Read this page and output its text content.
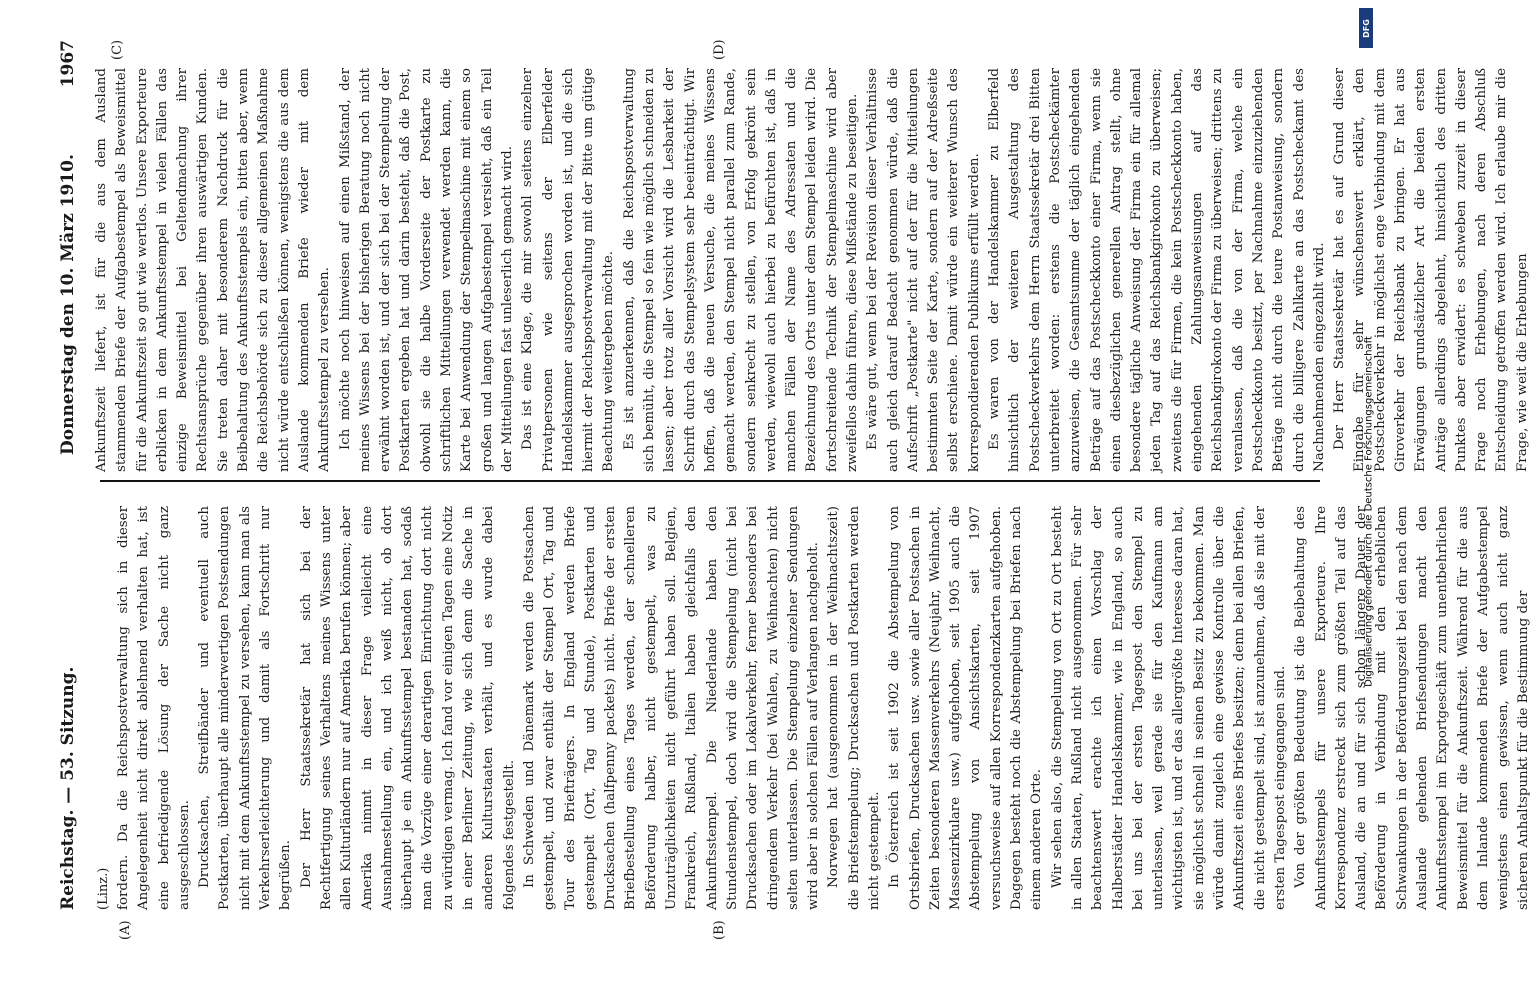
Reichstag. — 53. Sitzung.
Donnerstag den 10. März 1910.
1967
(Linz.)
(A)	(B)
(C)	(D)

fordern. Da die Reichspostverwaltung sich in dieser Angelegenheit nicht direkt ablehnend verhalten hat, ist eine befriedigende Lösung der Sache nicht ganz ausgeschlossen. Drucksachen, Streifbänder und eventuell auch Postkarten, überhaupt alle minderwertigen Postsendungen nicht mit dem Ankunftsstempel zu versehen, kann man als Verkehrserleichterung und damit als Fortschritt nur begrüßen. Der Herr Staatssekretär hat sich bei der Rechtfertigung seines Verhaltens meines Wissens unter allen Kulturländern nur auf Amerika berufen können; aber Amerika nimmt in dieser Frage vielleicht eine Ausnahmestellung ein, und ich weiß nicht, ob dort überhaupt je ein Ankunftsstempel bestanden hat, sodaß man die Vorzüge einer derartigen Einrichtung dort nicht zu würdigen vermag. Ich fand vor einigen Tagen eine Notiz in einer Berliner Zeitung, wie sich denn die Sache in anderen Kulturstaaten verhält, und es wurde dabei folgendes festgestellt. In Schweden und Dänemark werden die Postsachen gestempelt, und zwar enthält der Stempel Ort, Tag und Tour des Briefträgers. In England werden Briefe gestempelt (Ort, Tag und Stunde), Postkarten und Drucksachen (halfpenny packets) nicht. Briefe der ersten Briefbestellung eines Tages werden, der schnelleren Beförderung halber, nicht gestempelt, was zu Unzuträglichkeiten nicht geführt haben soll. Belgien, Frankreich, Rußland, Italien haben gleichfalls den Ankunftsstempel. Die Niederlande haben den Stundenstempel, doch wird die Stempelung (nicht bei Drucksachen oder im Lokalverkehr, ferner besonders bei dringendem Verkehr (bei Wahlen, zu Weihnachten) nicht selten unterlassen. Die Stempelung einzelner Sendungen wird aber in solchen Fällen auf Verlangen nachgeholt. Norwegen hat (ausgenommen in der Weihnachtszeit) die Briefstempelung; Drucksachen und Postkarten werden nicht gestempelt. In Österreich ist seit 1902 die Abstempelung von Ortsbriefen, Drucksachen usw. sowie aller Postsachen in Zeiten besonderen Massenverkehrs (Neujahr, Weihnacht, Massenzirkulare usw.) aufgehoben, seit 1905 auch die Abstempelung von Ansichtskarten, seit 1907 versuchsweise auf allen Korrespondenzkarten aufgehoben. Dagegen besteht noch die Abstempelung bei Briefen nach einem anderen Orte. Wir sehen also, die Stempelung von Ort zu Ort besteht in allen Staaten, Rußland nicht ausgenommen. Für sehr beachtenswert erachte ich einen Vorschlag der Halberstädter Handelskammer, wie in England, so auch bei uns bei der ersten Tagespost den Stempel zu unterlassen, weil gerade sie für den Kaufmann am wichtigsten ist, und er das allergrößte Interesse daran hat, sie möglichst schnell in seinen Besitz zu bekommen. Man würde damit zugleich eine gewisse Kontrolle über die Ankunftszeit eines Briefes besitzen; denn bei allen Briefen, die nicht gestempelt sind, ist anzunehmen, daß sie mit der ersten Tagespost eingegangen sind. Von der größten Bedeutung ist die Beibehaltung des Ankunftsstempels für unsere Exporteure. Ihre Korrespondenz erstreckt sich zum größten Teil auf das Ausland, die an und für sich schon längere Dauer der Beförderung in Verbindung mit den erheblichen Schwankungen in der Beförderungszeit bei den nach dem Auslande gehenden Briefsendungen macht den Ankunftsstempel im Exportgeschäft zum unentbehrlichen Beweismittel für die Ankunftszeit. Während für die aus dem Inlande kommenden Briefe der Aufgabestempel wenigstens einen gewissen, wenn auch nicht ganz sicheren Anhaltspunkt für die Bestimmung der

Ankunftszeit liefert, ist für die aus dem Ausland stammenden Briefe der Aufgabestempel als Beweismittel für die Ankunftszeit so gut wie wertlos. Unsere Exporteure erblicken in dem Ankunftsstempel in vielen Fällen das einzige Beweismittel bei Geltendmachung ihrer Rechtsansprüche gegenüber ihren auswärtigen Kunden. Sie treten daher mit besonderem Nachdruck für die Beibehaltung des Ankunftsstempels ein, bitten aber, wenn die Reichsbehörde sich zu dieser allgemeinen Maßnahme nicht würde entschließen können, wenigstens die aus dem Auslande kommenden Briefe wieder mit dem Ankunftsstempel zu versehen. Ich möchte noch hinweisen auf einen Mißstand, der meines Wissens bei der bisherigen Beratung noch nicht erwähnt worden ist, und der sich bei der Stempelung der Postkarten ergeben hat und darin besteht, daß die Post, obwohl sie die halbe Vorderseite der Postkarte zu schriftlichen Mitteilungen verwendet werden kann, die Karte bei Anwendung der Stempelmaschine mit einem so großen und langen Aufgabestempel versieht, daß ein Teil der Mitteilungen fast unleserlich gemacht wird. Das ist eine Klage, die mir sowohl seitens einzelner Privatpersonen wie seitens der Elberfelder Handelskammer ausgesprochen worden ist, und die sich hiermit der Reichspostverwaltung mit der Bitte um gütige Beachtung weitergeben möchte. Es ist anzuerkennen, daß die Reichspostverwaltung sich bemüht, die Stempel so fein wie möglich schneiden zu lassen; aber trotz aller Vorsicht wird die Lesbarkeit der Schrift durch das Stempelsystem sehr beeinträchtigt. Wir hoffen, daß die neuen Versuche, die meines Wissens gemacht werden, den Stempel nicht parallel zum Rande, sondern senkrecht zu stellen, von Erfolg gekrönt sein werden, wiewohl auch hierbei zu befürchten ist, daß in manchen Fällen der Name des Adressaten und die Bezeichnung des Orts unter dem Stempel leiden wird. Die fortschreitende Technik der Stempelmaschine wird aber zweifellos dahin führen, diese Mißstände zu beseitigen. Es wäre gut, wenn bei der Revision dieser Verhältnisse auch gleich darauf Bedacht genommen würde, daß die Aufschrift „Postkarte" nicht auf der für die Mitteilungen bestimmten Seite der Karte, sondern auf der Adreßseite selbst erschiene. Damit würde ein weiterer Wunsch des korrespondierenden Publikums erfüllt werden. Es waren von der Handelskammer zu Elberfeld hinsichtlich der weiteren Ausgestaltung des Postscheckverkehrs dem Herrn Staatssekretär drei Bitten unterbreitet worden: erstens die Postscheckämter anzuweisen, die Gesamtsumme der täglich eingehenden Beträge auf das Postscheckkonto einer Firma, wenn sie einen diesbezüglichen generellen Antrag stellt, ohne besondere tägliche Anweisung der Firma ein für allemal jeden Tag auf das Reichsbankgirokonto zu überweisen; zweitens die für Firmen, die kein Postscheckkonto haben, eingehenden Zahlungsanweisungen auf das Reichsbankgirokonto der Firma zu überweisen; drittens zu veranlassen, daß die von der Firma, welche ein Postscheckkonto besitzt, per Nachnahme einzuziehenden Beträge nicht durch die teure Postanweisung, sondern durch die billigere Zahlkarte an das Postscheckamt des Nachnehmenden eingezahlt wird. Der Herr Staatssekretär hat es auf Grund dieser Eingabe für sehr wünschenswert erklärt, den Postscheckverkehr in möglichst enge Verbindung mit dem Giroverkehr der Reichsbank zu bringen. Er hat aus Erwägungen grundsätzlicher Art die beiden ersten Anträge allerdings abgelehnt, hinsichtlich des dritten Punktes aber erwidert: es schweben zurzeit in dieser Frage noch Erhebungen, nach deren Abschluß Entscheidung getroffen werden wird. Ich erlaube mir die Frage, wie weit die Erhebungen

Digitalisierung gefördert durch die Deutsche Forschungsgemeinschaft
DFG
